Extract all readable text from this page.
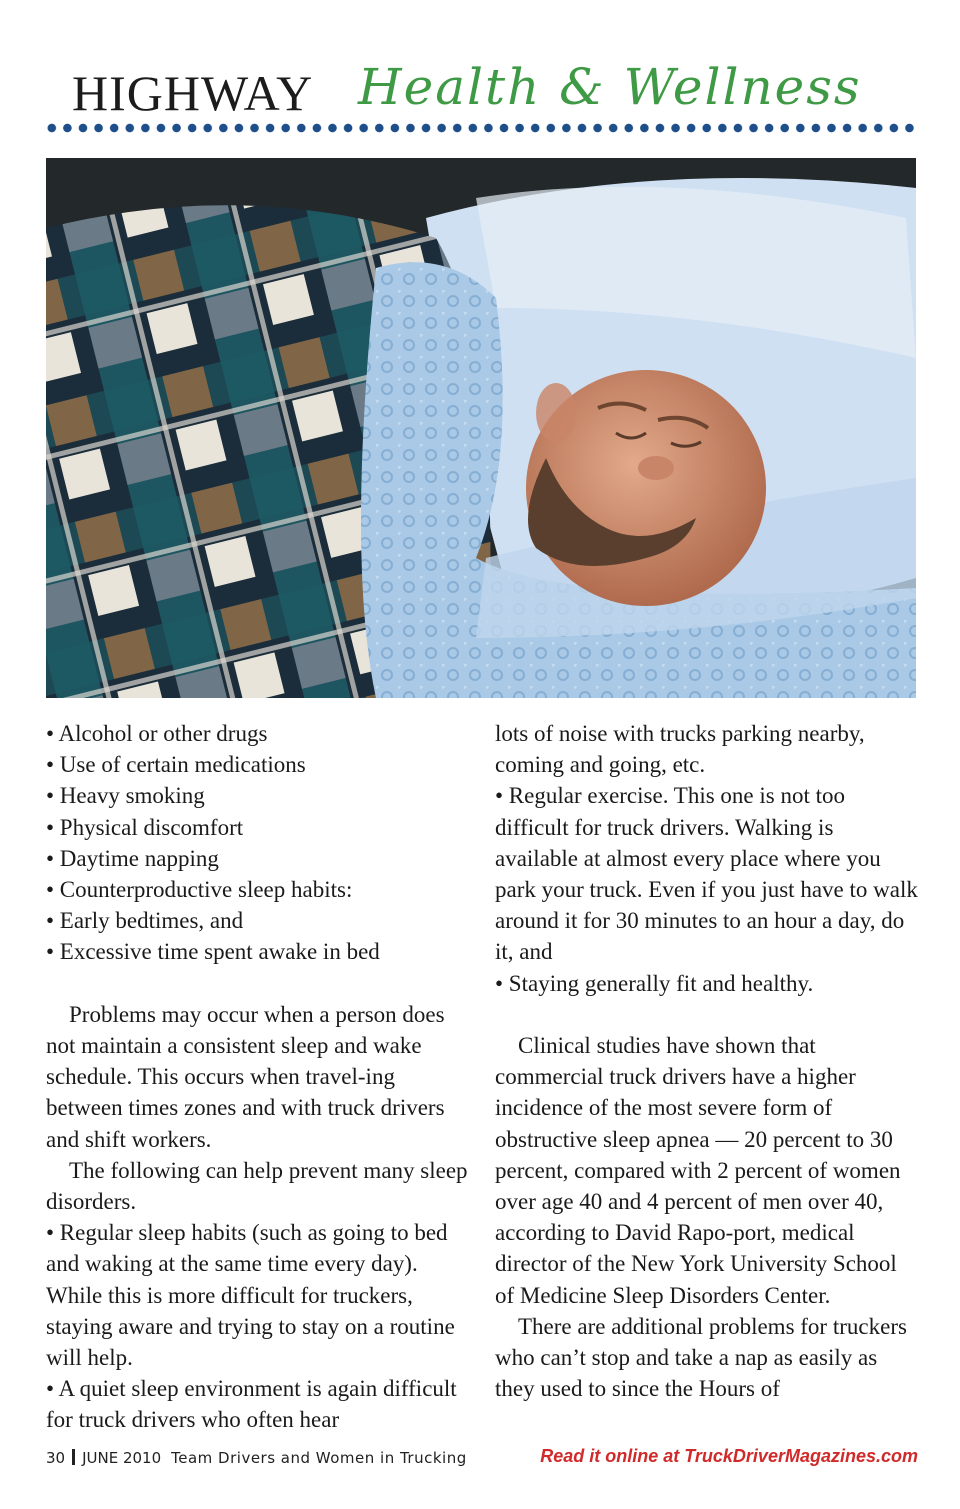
HIGHWAY Health & Wellness

• Alcohol or other drugs

• Use of certain medications

• Heavy smoking

• Physical discomfort

• Daytime napping

• Counterproductive sleep habits:

• Early bedtimes, and

• Excessive time spent awake in bed

Problems may occur when a person does not maintain a consistent sleep and wake schedule. This occurs when travel-ing between times zones and with truck drivers and shift workers.

The following can help prevent many sleep disorders.

• Regular sleep habits (such as going to bed and waking at the same time every day). While this is more difficult for truckers, staying aware and trying to stay on a routine will help.

• A quiet sleep environment is again difficult for truck drivers who often hear

lots of noise with trucks parking nearby, coming and going, etc.

• Regular exercise. This one is not too difficult for truck drivers. Walking is available at almost every place where you park your truck. Even if you just have to walk around it for 30 minutes to an hour a day, do it, and

• Staying generally fit and healthy.

Clinical studies have shown that commercial truck drivers have a higher incidence of the most severe form of obstructive sleep apnea — 20 percent to 30 percent, compared with 2 percent of women over age 40 and 4 percent of men over 40, according to David Rapo-port, medical director of the New York University School of Medicine Sleep Disorders Center.

There are additional problems for truckers who can’t stop and take a nap as easily as they used to since the Hours of

30 JUNE 2010 Team Drivers and Women in Trucking	Read it online at TruckDriverMagazines.com
